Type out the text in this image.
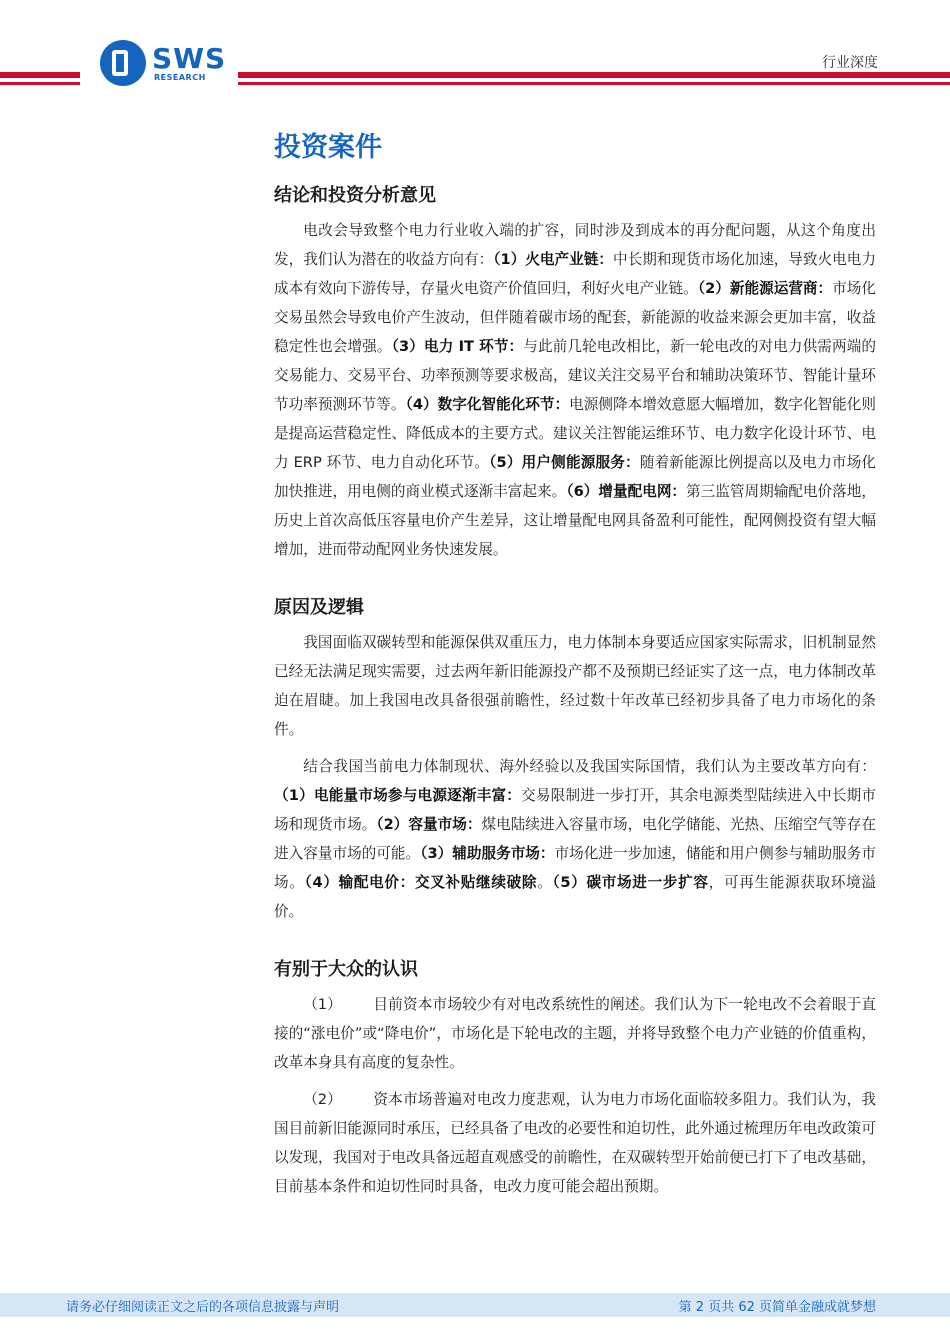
SWS
RESEARCH
行业深度
投资案件
结论和投资分析意见

电改会导致整个电力行业收入端的扩容，同时涉及到成本的再分配问题，从这个角度出发，我们认为潜在的收益方向有：（1）火电产业链：中长期和现货市场化加速，导致火电电力成本有效向下游传导，存量火电资产价值回归，利好火电产业链。（2）新能源运营商：市场化交易虽然会导致电价产生波动，但伴随着碳市场的配套，新能源的收益来源会更加丰富，收益稳定性也会增强。（3）电力 IT 环节：与此前几轮电改相比，新一轮电改的对电力供需两端的交易能力、交易平台、功率预测等要求极高，建议关注交易平台和辅助决策环节、智能计量环节功率预测环节等。（4）数字化智能化环节：电源侧降本增效意愿大幅增加，数字化智能化则是提高运营稳定性、降低成本的主要方式。建议关注智能运维环节、电力数字化设计环节、电力 ERP 环节、电力自动化环节。（5）用户侧能源服务：随着新能源比例提高以及电力市场化加快推进，用电侧的商业模式逐渐丰富起来。（6）增量配电网：第三监管周期输配电价落地，历史上首次高低压容量电价产生差异，这让增量配电网具备盈利可能性，配网侧投资有望大幅增加，进而带动配网业务快速发展。

原因及逻辑

我国面临双碳转型和能源保供双重压力，电力体制本身要适应国家实际需求，旧机制显然已经无法满足现实需要，过去两年新旧能源投产都不及预期已经证实了这一点，电力体制改革迫在眉睫。加上我国电改具备很强前瞻性，经过数十年改革已经初步具备了电力市场化的条件。

结合我国当前电力体制现状、海外经验以及我国实际国情，我们认为主要改革方向有：（1）电能量市场参与电源逐渐丰富：交易限制进一步打开，其余电源类型陆续进入中长期市场和现货市场。（2）容量市场：煤电陆续进入容量市场，电化学储能、光热、压缩空气等存在进入容量市场的可能。（3）辅助服务市场：市场化进一步加速，储能和用户侧参与辅助服务市场。（4）输配电价：交叉补贴继续破除。（5）碳市场进一步扩容，可再生能源获取环境溢价。

有别于大众的认识

（1） 目前资本市场较少有对电改系统性的阐述。我们认为下一轮电改不会着眼于直接的“涨电价”或“降电价”，市场化是下轮电改的主题，并将导致整个电力产业链的价值重构，改革本身具有高度的复杂性。

（2） 资本市场普遍对电改力度悲观，认为电力市场化面临较多阻力。我们认为，我国目前新旧能源同时承压，已经具备了电改的必要性和迫切性，此外通过梳理历年电改政策可以发现，我国对于电改具备远超直观感受的前瞻性，在双碳转型开始前便已打下了电改基础，目前基本条件和迫切性同时具备，电改力度可能会超出预期。

请务必仔细阅读正文之后的各项信息披露与声明	第 2 页共 62 页简单金融成就梦想
